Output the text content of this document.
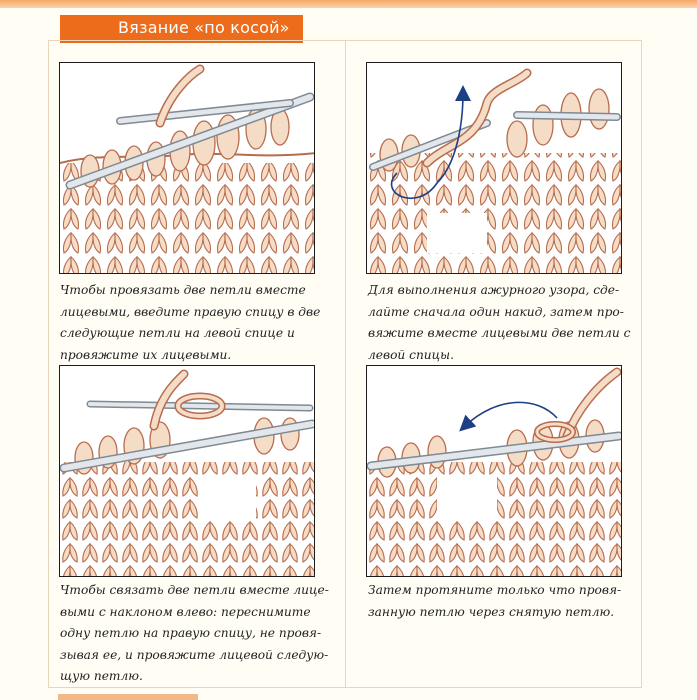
Вязание «по косой»
Чтобы провязать две петли вместе
лицевыми, введите правую спицу в две
следующие петли на левой спице и
провяжите их лицевыми.
Для выполнения ажурного узора, сде-
лайте сначала один накид, затем про-
вяжите вместе лицевыми две петли с
левой спицы.
Чтобы связать две петли вместе лице-
выми с наклоном влево: переснимите
одну петлю на правую спицу, не провя-
зывая ее, и провяжите лицевой следую-
щую петлю.
Затем протяните только что провя-
занную петлю через снятую петлю.
